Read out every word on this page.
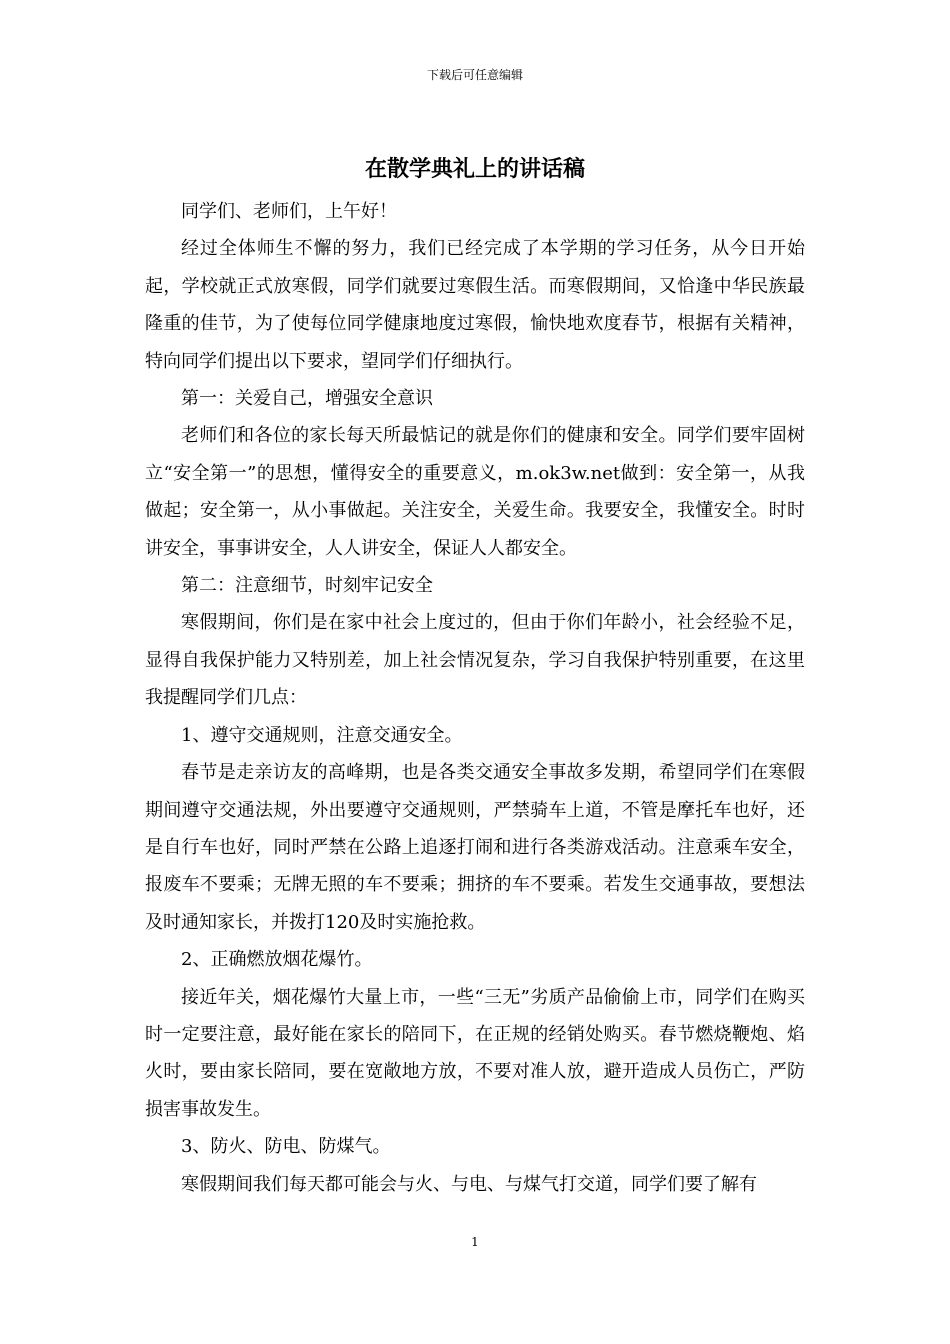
下载后可任意编辑
在散学典礼上的讲话稿

同学们、老师们，上午好！

经过全体师生不懈的努力，我们已经完成了本学期的学习任务，从今日开始起，学校就正式放寒假，同学们就要过寒假生活。而寒假期间，又恰逢中华民族最隆重的佳节，为了使每位同学健康地度过寒假，愉快地欢度春节，根据有关精神，特向同学们提出以下要求，望同学们仔细执行。

第一：关爱自己，增强安全意识

老师们和各位的家长每天所最惦记的就是你们的健康和安全。同学们要牢固树立“安全第一”的思想，懂得安全的重要意义，m.ok3w.net做到：安全第一，从我做起；安全第一，从小事做起。关注安全，关爱生命。我要安全，我懂安全。时时讲安全，事事讲安全，人人讲安全，保证人人都安全。

第二：注意细节，时刻牢记安全

寒假期间，你们是在家中社会上度过的，但由于你们年龄小，社会经验不足，显得自我保护能力又特别差，加上社会情况复杂，学习自我保护特别重要，在这里我提醒同学们几点：

1、遵守交通规则，注意交通安全。

春节是走亲访友的高峰期，也是各类交通安全事故多发期，希望同学们在寒假期间遵守交通法规，外出要遵守交通规则，严禁骑车上道，不管是摩托车也好，还是自行车也好，同时严禁在公路上追逐打闹和进行各类游戏活动。注意乘车安全，报废车不要乘；无牌无照的车不要乘；拥挤的车不要乘。若发生交通事故，要想法及时通知家长，并拨打120及时实施抢救。

2、正确燃放烟花爆竹。

接近年关，烟花爆竹大量上市，一些“三无”劣质产品偷偷上市，同学们在购买时一定要注意，最好能在家长的陪同下，在正规的经销处购买。春节燃烧鞭炮、焰火时，要由家长陪同，要在宽敞地方放，不要对准人放，避开造成人员伤亡，严防损害事故发生。

3、防火、防电、防煤气。

寒假期间我们每天都可能会与火、与电、与煤气打交道，同学们要了解有

1
